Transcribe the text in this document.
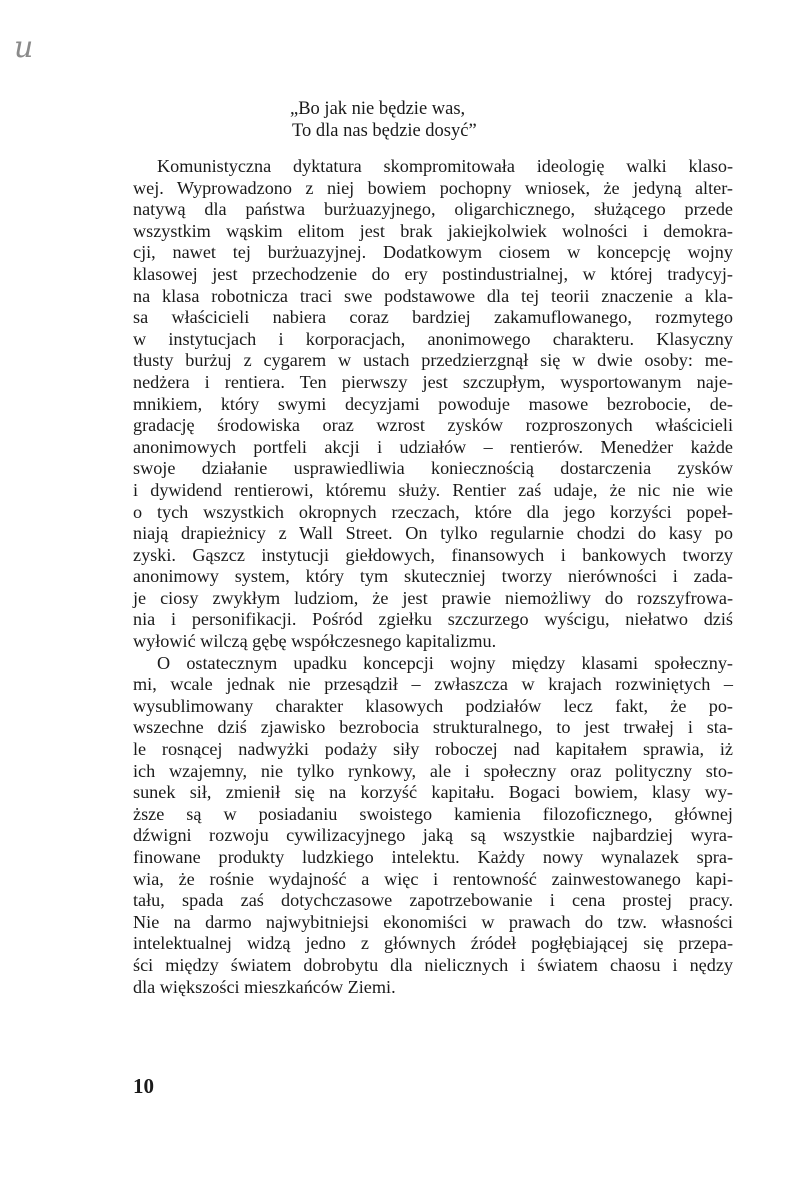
и
„Bo jak nie będzie was,
To dla nas będzie dosyć”
Komunistyczna dyktatura skompromitowała ideologię walki klaso-
wej. Wyprowadzono z niej bowiem pochopny wniosek, że jedyną alter-
natywą dla państwa burżuazyjnego, oligarchicznego, służącego przede
wszystkim wąskim elitom jest brak jakiejkolwiek wolności i demokra-
cji, nawet tej burżuazyjnej. Dodatkowym ciosem w koncepcję wojny
klasowej jest przechodzenie do ery postindustrialnej, w której tradycyj-
na klasa robotnicza traci swe podstawowe dla tej teorii znaczenie a kla-
sa właścicieli nabiera coraz bardziej zakamuflowanego, rozmytego
w instytucjach i korporacjach, anonimowego charakteru. Klasyczny
tłusty burżuj z cygarem w ustach przedzierzgnął się w dwie osoby: me-
nedżera i rentiera. Ten pierwszy jest szczupłym, wysportowanym naje-
mnikiem, który swymi decyzjami powoduje masowe bezrobocie, de-
gradację środowiska oraz wzrost zysków rozproszonych właścicieli
anonimowych portfeli akcji i udziałów – rentierów. Menedżer każde
swoje działanie usprawiedliwia koniecznością dostarczenia zysków
i dywidend rentierowi, któremu służy. Rentier zaś udaje, że nic nie wie
o tych wszystkich okropnych rzeczach, które dla jego korzyści popeł-
niają drapieżnicy z Wall Street. On tylko regularnie chodzi do kasy po
zyski. Gąszcz instytucji giełdowych, finansowych i bankowych tworzy
anonimowy system, który tym skuteczniej tworzy nierówności i zada-
je ciosy zwykłym ludziom, że jest prawie niemożliwy do rozszyfrowa-
nia i personifikacji. Pośród zgiełku szczurzego wyścigu, niełatwo dziś
wyłowić wilczą gębę współczesnego kapitalizmu.
O ostatecznym upadku koncepcji wojny między klasami społeczny-
mi, wcale jednak nie przesądził – zwłaszcza w krajach rozwiniętych –
wysublimowany charakter klasowych podziałów lecz fakt, że po-
wszechne dziś zjawisko bezrobocia strukturalnego, to jest trwałej i sta-
le rosnącej nadwyżki podaży siły roboczej nad kapitałem sprawia, iż
ich wzajemny, nie tylko rynkowy, ale i społeczny oraz polityczny sto-
sunek sił, zmienił się na korzyść kapitału. Bogaci bowiem, klasy wy-
ższe są w posiadaniu swoistego kamienia filozoficznego, głównej
dźwigni rozwoju cywilizacyjnego jaką są wszystkie najbardziej wyra-
finowane produkty ludzkiego intelektu. Każdy nowy wynalazek spra-
wia, że rośnie wydajność a więc i rentowność zainwestowanego kapi-
tału, spada zaś dotychczasowe zapotrzebowanie i cena prostej pracy.
Nie na darmo najwybitniejsi ekonomiści w prawach do tzw. własności
intelektualnej widzą jedno z głównych źródeł pogłębiającej się przepa-
ści między światem dobrobytu dla nielicznych i światem chaosu i nędzy
dla większości mieszkańców Ziemi.
10
